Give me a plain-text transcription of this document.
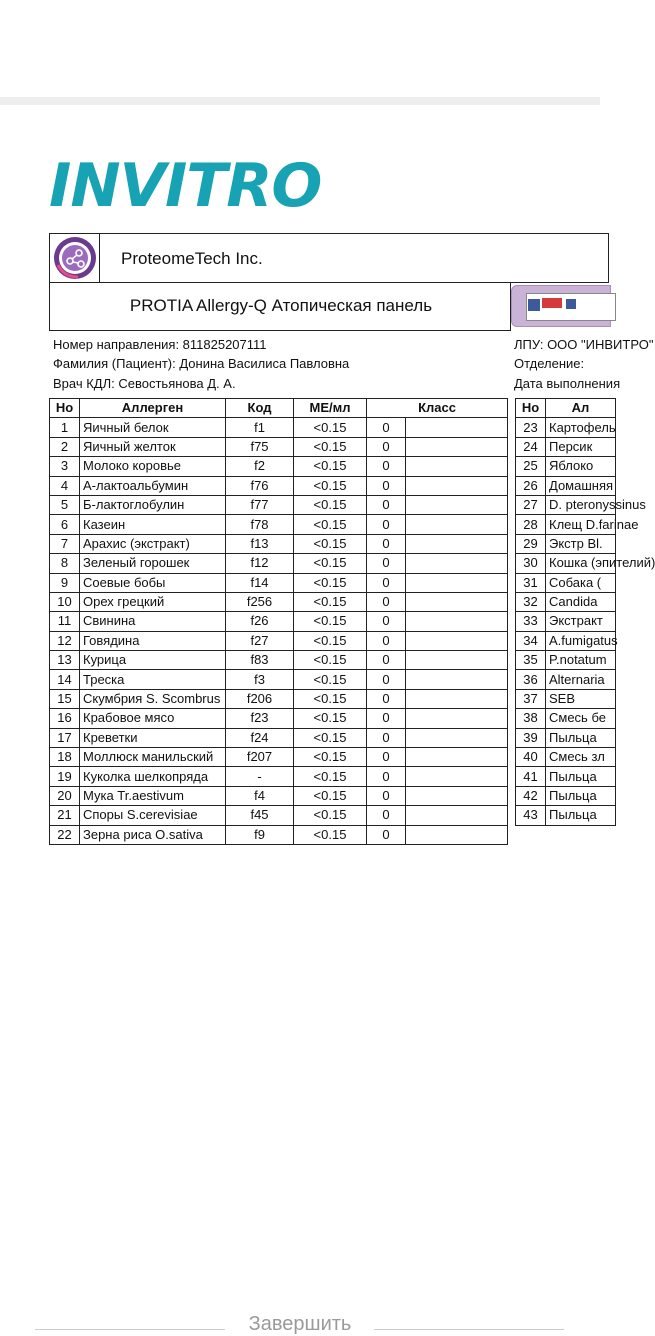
INVITRO
ProteomeTech Inc.
PROTIA Allergy-Q Атопическая панель
Номер направления: 811825207111
Фамилия (Пациент): Донина Василиса Павловна
Врач КДЛ: Севостьянова Д. А.
ЛПУ: ООО "ИНВИТРО"
Отделение:
Дата выполнения
Но	Аллерген	Код	МЕ/мл	Класс	
1	Яичный белок	f1	<0.15	0	
2	Яичный желток	f75	<0.15	0	
3	Молоко коровье	f2	<0.15	0	
4	А-лактоальбумин	f76	<0.15	0	
5	Б-лактоглобулин	f77	<0.15	0	
6	Казеин	f78	<0.15	0	
7	Арахис (экстракт)	f13	<0.15	0	
8	Зеленый горошек	f12	<0.15	0	
9	Соевые бобы	f14	<0.15	0	
10	Орех грецкий	f256	<0.15	0	
11	Свинина	f26	<0.15	0	
12	Говядина	f27	<0.15	0	
13	Курица	f83	<0.15	0	
14	Треска	f3	<0.15	0	
15	Скумбрия S. Scombrus	f206	<0.15	0	
16	Крабовое мясо	f23	<0.15	0	
17	Креветки	f24	<0.15	0	
18	Моллюск манильский	f207	<0.15	0	
19	Куколка шелкопряда	-	<0.15	0	
20	Мука Tr.aestivum	f4	<0.15	0	
21	Споры S.cerevisiae	f45	<0.15	0	
22	Зерна риса O.sativa	f9	<0.15	0	
Но	Ал
23	Картофель
24	Персик
25	Яблоко
26	Домашняя
27	D. pteronyssinus
28	Клещ D.farinae
29	Экстр Bl.
30	Кошка (эпителий)
31	Собака (
32	Candida
33	Экстракт
34	A.fumigatus
35	P.notatum
36	Alternaria
37	SEB
38	Смесь бе
39	Пыльца
40	Смесь зл
41	Пыльца
42	Пыльца
43	Пыльца
Завершить
